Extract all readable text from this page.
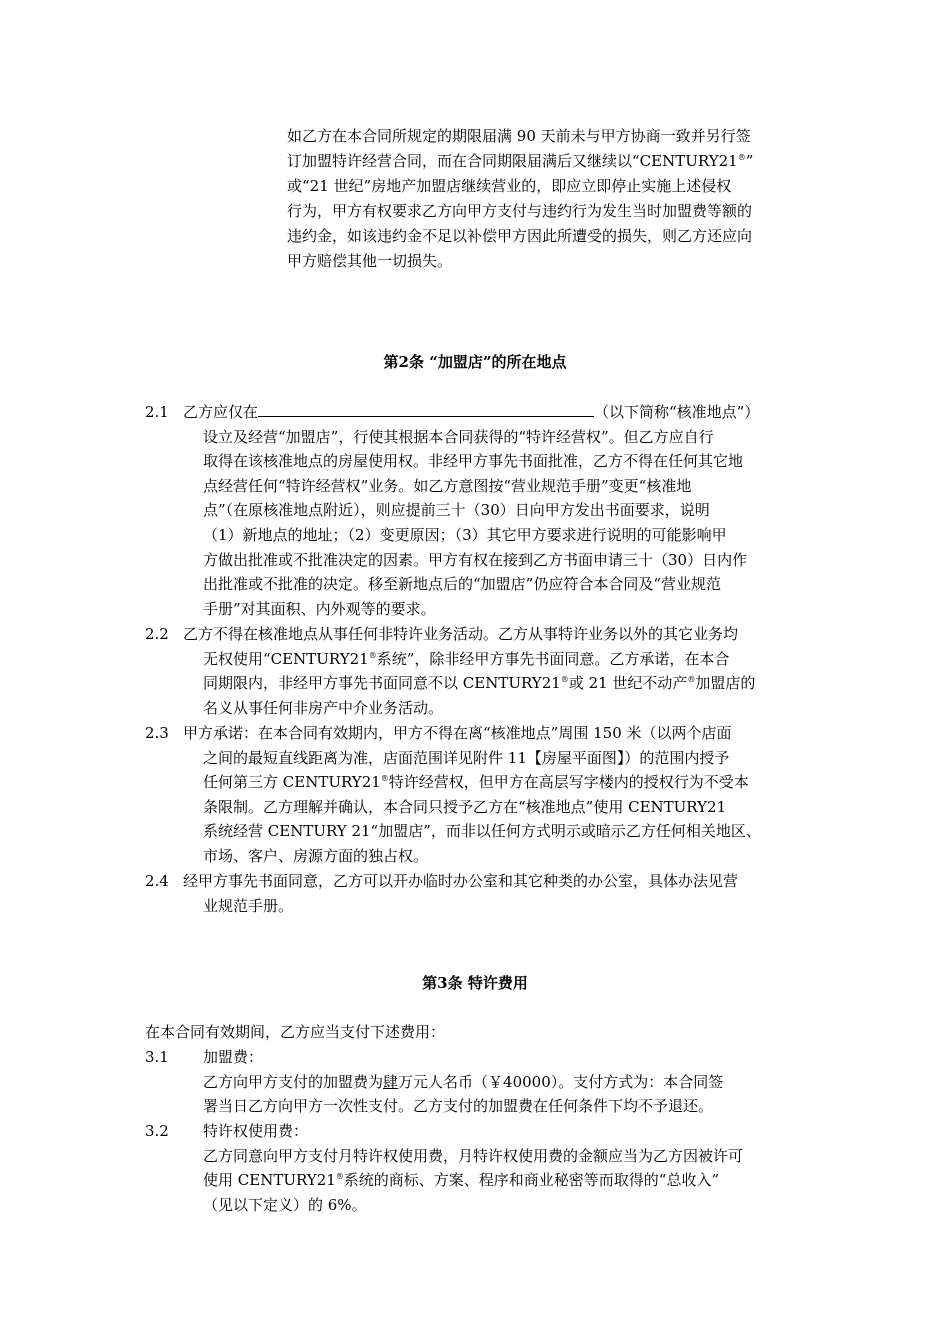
如乙方在本合同所规定的期限届满 90 天前未与甲方协商一致并另行签
订加盟特许经营合同，而在合同期限届满后又继续以“CENTURY21®”
或“21 世纪”房地产加盟店继续营业的，即应立即停止实施上述侵权
行为，甲方有权要求乙方向甲方支付与违约行为发生当时加盟费等额的
违约金，如该违约金不足以补偿甲方因此所遭受的损失，则乙方还应向
甲方赔偿其他一切损失。
第2条 “加盟店”的所在地点
2.1 乙方应仅在	（以下简称“核准地点”）
设立及经营“加盟店”，行使其根据本合同获得的“特许经营权”。但乙方应自行
取得在该核准地点的房屋使用权。非经甲方事先书面批准，乙方不得在任何其它地
点经营任何“特许经营权”业务。如乙方意图按“营业规范手册”变更“核准地
点”（在原核准地点附近），则应提前三十（30）日向甲方发出书面要求，说明
（1）新地点的地址；（2）变更原因；（3）其它甲方要求进行说明的可能影响甲
方做出批准或不批准决定的因素。甲方有权在接到乙方书面申请三十（30）日内作
出批准或不批准的决定。移至新地点后的“加盟店”仍应符合本合同及“营业规范
手册”对其面积、内外观等的要求。
2.2 乙方不得在核准地点从事任何非特许业务活动。乙方从事特许业务以外的其它业务均
无权使用“CENTURY21®系统”，除非经甲方事先书面同意。乙方承诺，在本合
同期限内，非经甲方事先书面同意不以 CENTURY21®或 21 世纪不动产®加盟店的
名义从事任何非房产中介业务活动。
2.3 甲方承诺：在本合同有效期内，甲方不得在离“核准地点”周围 150 米（以两个店面
之间的最短直线距离为准，店面范围详见附件 11【房屋平面图】）的范围内授予
任何第三方 CENTURY21®特许经营权，但甲方在高层写字楼内的授权行为不受本
条限制。乙方理解并确认，本合同只授予乙方在“核准地点”使用 CENTURY21
系统经营 CENTURY 21“加盟店”，而非以任何方式明示或暗示乙方任何相关地区、
市场、客户、房源方面的独占权。
2.4 经甲方事先书面同意，乙方可以开办临时办公室和其它种类的办公室，具体办法见营
业规范手册。
第3条 特许费用
在本合同有效期间，乙方应当支付下述费用：
3.1 加盟费：
乙方向甲方支付的加盟费为肆万元人名币（￥40000）。支付方式为：本合同签
署当日乙方向甲方一次性支付。乙方支付的加盟费在任何条件下均不予退还。
3.2 特许权使用费：
乙方同意向甲方支付月特许权使用费，月特许权使用费的金额应当为乙方因被许可
使用 CENTURY21®系统的商标、方案、程序和商业秘密等而取得的“总收入”
（见以下定义）的 6%。
